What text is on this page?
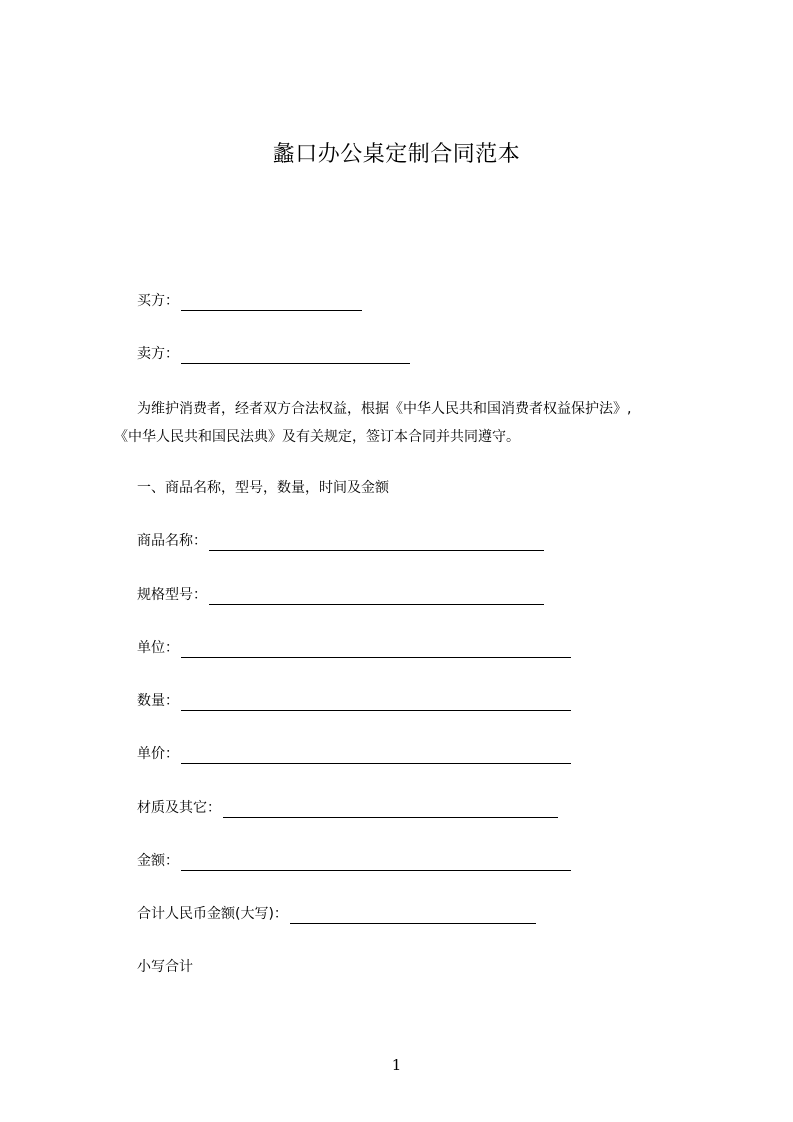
蠡口办公桌定制合同范本
买方：
卖方：
为维护消费者，经者双方合法权益，根据《中华人民共和国消费者权益保护法》,
《中华人民共和国民法典》及有关规定，签订本合同并共同遵守。
一、商品名称，型号，数量，时间及金额
商品名称：
规格型号：
单位：
数量：
单价：
材质及其它：
金额：
合计人民币金额(大写)：
小写合计
1
